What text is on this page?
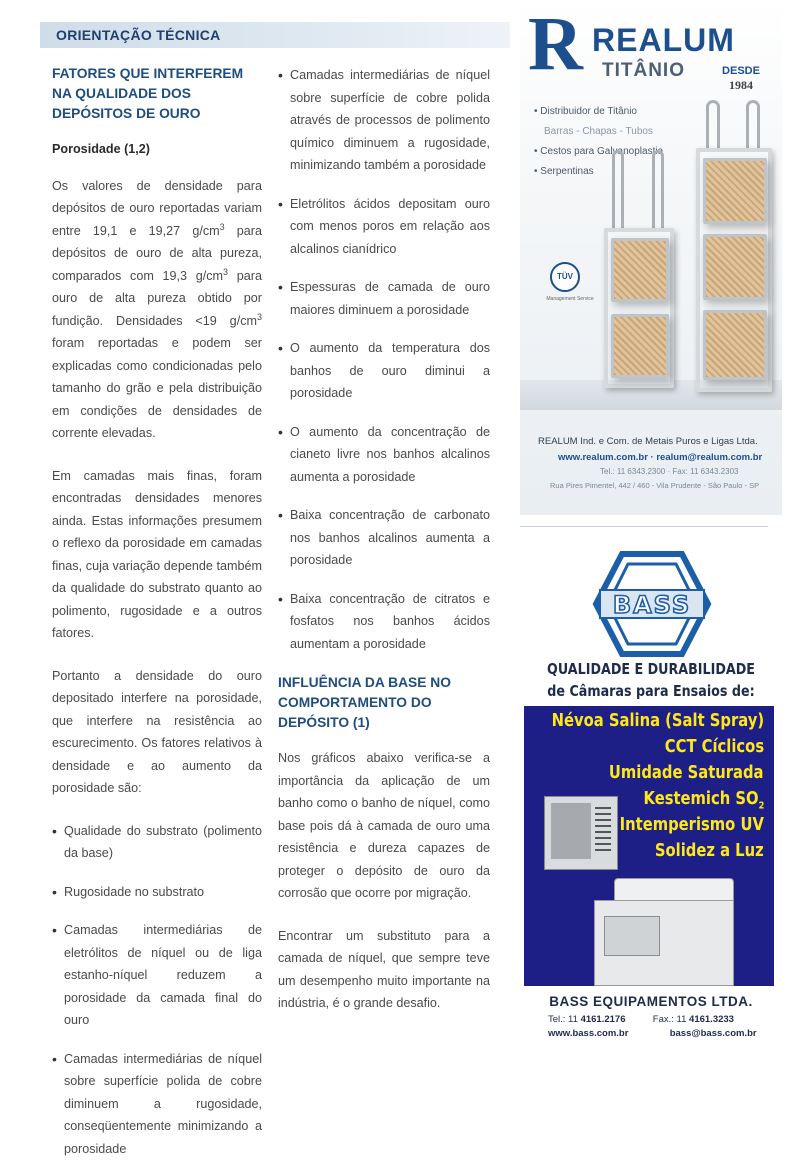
ORIENTAÇÃO TÉCNICA
FATORES QUE INTERFEREM NA QUALIDADE DOS DEPÓSITOS DE OURO
Porosidade (1,2)

Os valores de densidade para depósitos de ouro reportadas variam entre 19,1 e 19,27 $g/cm^3$ para depósitos de ouro de alta pureza, comparados com 19,3 $g/cm^3$ para ouro de alta pureza obtido por fundição. Densidades <19 $g/cm^3$ foram reportadas e podem ser explicadas como condicionadas pelo tamanho do grão e pela distribuição em condições de densidades de corrente elevadas.

Em camadas mais finas, foram encontradas densidades menores ainda. Estas informações presumem o reflexo da porosidade em camadas finas, cuja variação depende também da qualidade do substrato quanto ao polimento, rugosidade e a outros fatores.

Portanto a densidade do ouro depositado interfere na porosidade, que interfere na resistência ao escurecimento. Os fatores relativos à densidade e ao aumento da porosidade são:

• Qualidade do substrato (polimento da base)
• Rugosidade no substrato
• Camadas intermediárias de eletrólitos de níquel ou de liga estanho-níquel reduzem a porosidade da camada final do ouro
• Camadas intermediárias de níquel sobre superfície polida de cobre diminuem a rugosidade, conseqüentemente minimizando a porosidade
• Camadas intermediárias de níquel sobre superfície de cobre polida através de processos de polimento químico diminuem a rugosidade, minimizando também a porosidade
• Eletrólitos ácidos depositam ouro com menos poros em relação aos alcalinos cianídrico
• Espessuras de camada de ouro maiores diminuem a porosidade
• O aumento da temperatura dos banhos de ouro diminui a porosidade
• O aumento da concentração de cianeto livre nos banhos alcalinos aumenta a porosidade
• Baixa concentração de carbonato nos banhos alcalinos aumenta a porosidade
• Baixa concentração de citratos e fosfatos nos banhos ácidos aumentam a porosidade
INFLUÊNCIA DA BASE NO COMPORTAMENTO DO DEPÓSITO (1)

Nos gráficos abaixo verifica-se a importância da aplicação de um banho como o banho de níquel, como base pois dá à camada de ouro uma resistência e dureza capazes de proteger o depósito de ouro da corrosão que ocorre por migração.

Encontrar um substituto para a camada de níquel, que sempre teve um desempenho muito importante na indústria, é o grande desafio.

R REALUM
TITÂNIO	DESDE
1984
• Distribuidor de Titânio
Barras - Chapas - Tubos
• Cestos para Galvanoplastia
• Serpentinas
TÜV
Management Service
REALUM Ind. e Com. de Metais Puros e Ligas Ltda.
www.realum.com.br · realum@realum.com.br
Tel.: 11 6343.2300 · Fax: 11 6343.2303
Rua Pires Pimentel, 442 / 460 - Vila Prudente - São Paulo - SP
BASS
QUALIDADE E DURABILIDADE
de Câmaras para Ensaios de:
Névoa Salina (Salt Spray)
CCT Cíclicos
Umidade Saturada
Kestemich $SO_2$
Intemperismo UV
Solidez a Luz
BASS EQUIPAMENTOS LTDA.
Tel.: 11 4161.2176	Fax.: 11 4161.3233
www.bass.com.br	bass@bass.com.br
